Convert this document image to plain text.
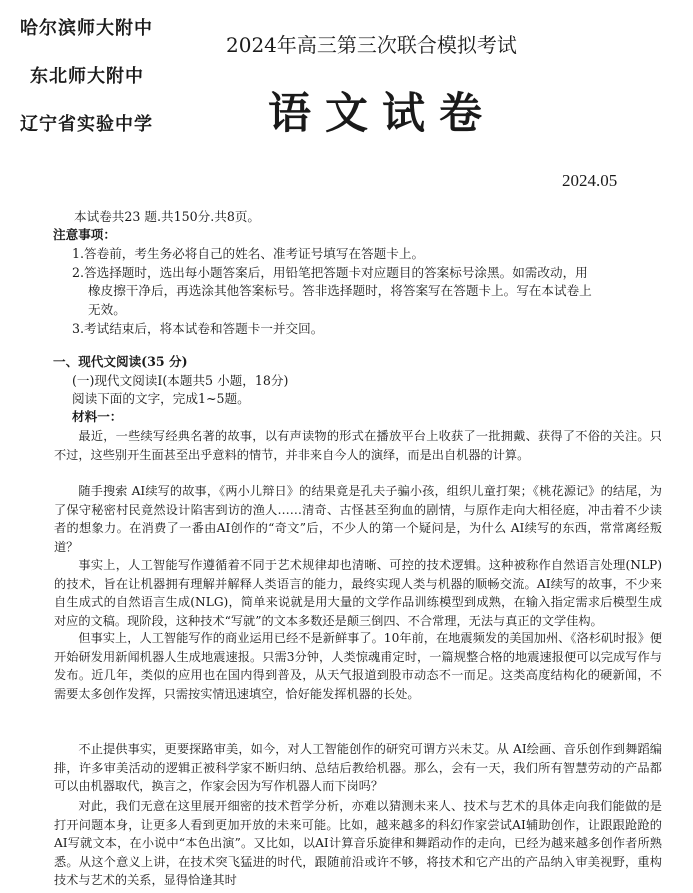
哈尔滨师大附中
东北师大附中
辽宁省实验中学
2024年高三第三次联合模拟考试
语文试卷
2024.05
本试卷共23 题.共150分.共8页。
注意事项：
1.答卷前，考生务必将自己的姓名、准考证号填写在答题卡上。
2.答选择题时，选出每小题答案后，用铅笔把答题卡对应题目的答案标号涂黑。如需改动，用
橡皮擦干净后，再选涂其他答案标号。答非选择题时，将答案写在答题卡上。写在本试卷上
无效。
3.考试结束后，将本试卷和答题卡一并交回。
一、现代文阅读(35 分)
(一)现代文阅读Ⅰ(本题共5 小题，18分)
阅读下面的文字，完成1~5题。
材料一：

最近，一些续写经典名著的故事，以有声读物的形式在播放平台上收获了一批拥戴、获得了不俗的关注。只不过，这些别开生面甚至出乎意料的情节，并非来自今人的演绎，而是出自机器的计算。

随手搜索 AI续写的故事，《两小儿辩日》的结果竟是孔夫子骗小孩，组织儿童打架；《桃花源记》的结尾，为了保守秘密村民竟然设计陷害到访的渔人……清奇、古怪甚至狗血的剧情，与原作走向大相径庭，冲击着不少读者的想象力。在消费了一番由AI创作的“奇文”后，不少人的第一个疑问是，为什么 AI续写的东西，常常离经叛道？

事实上，人工智能写作遵循着不同于艺术规律却也清晰、可控的技术逻辑。这种被称作自然语言处理(NLP)的技术，旨在让机器拥有理解并解释人类语言的能力，最终实现人类与机器的顺畅交流。AI续写的故事，不少来自生成式的自然语言生成(NLG)，简单来说就是用大量的文学作品训练模型到成熟，在输入指定需求后模型生成对应的文稿。现阶段，这种技术“写就”的文本多数还是颠三倒四、不合常理，无法与真正的文学佳构。

但事实上，人工智能写作的商业运用已经不是新鲜事了。10年前，在地震频发的美国加州、《洛杉矶时报》便开始研发用新闻机器人生成地震速报。只需3分钟，人类惊魂甫定时，一篇规整合格的地震速报便可以完成写作与发布。近几年，类似的应用也在国内得到普及，从天气报道到股市动态不一而足。这类高度结构化的硬新闻，不需要太多创作发挥，只需按实情迅速填空，恰好能发挥机器的长处。

不止提供事实，更要探路审美，如今，对人工智能创作的研究可谓方兴未艾。从 AI绘画、音乐创作到舞蹈编排，许多审美活动的逻辑正被科学家不断归纳、总结后教给机器。那么，会有一天，我们所有智慧劳动的产品都可以由机器取代，换言之，作家会因为写作机器人而下岗吗？

对此，我们无意在这里展开细密的技术哲学分析，亦难以猜测未来人、技术与艺术的具体走向我们能做的是打开问题本身，让更多人看到更加开放的未来可能。比如，越来越多的科幻作家尝试AI辅助创作，让跟跟跄跄的AI写就文本，在小说中“本色出演”。又比如，以AI计算音乐旋律和舞蹈动作的走向，已经为越来越多创作者所熟悉。从这个意义上讲，在技术突飞猛进的时代，跟随前沿或许不够，将技术和它产出的产品纳入审美视野，重构技术与艺术的关系，显得恰逢其时
